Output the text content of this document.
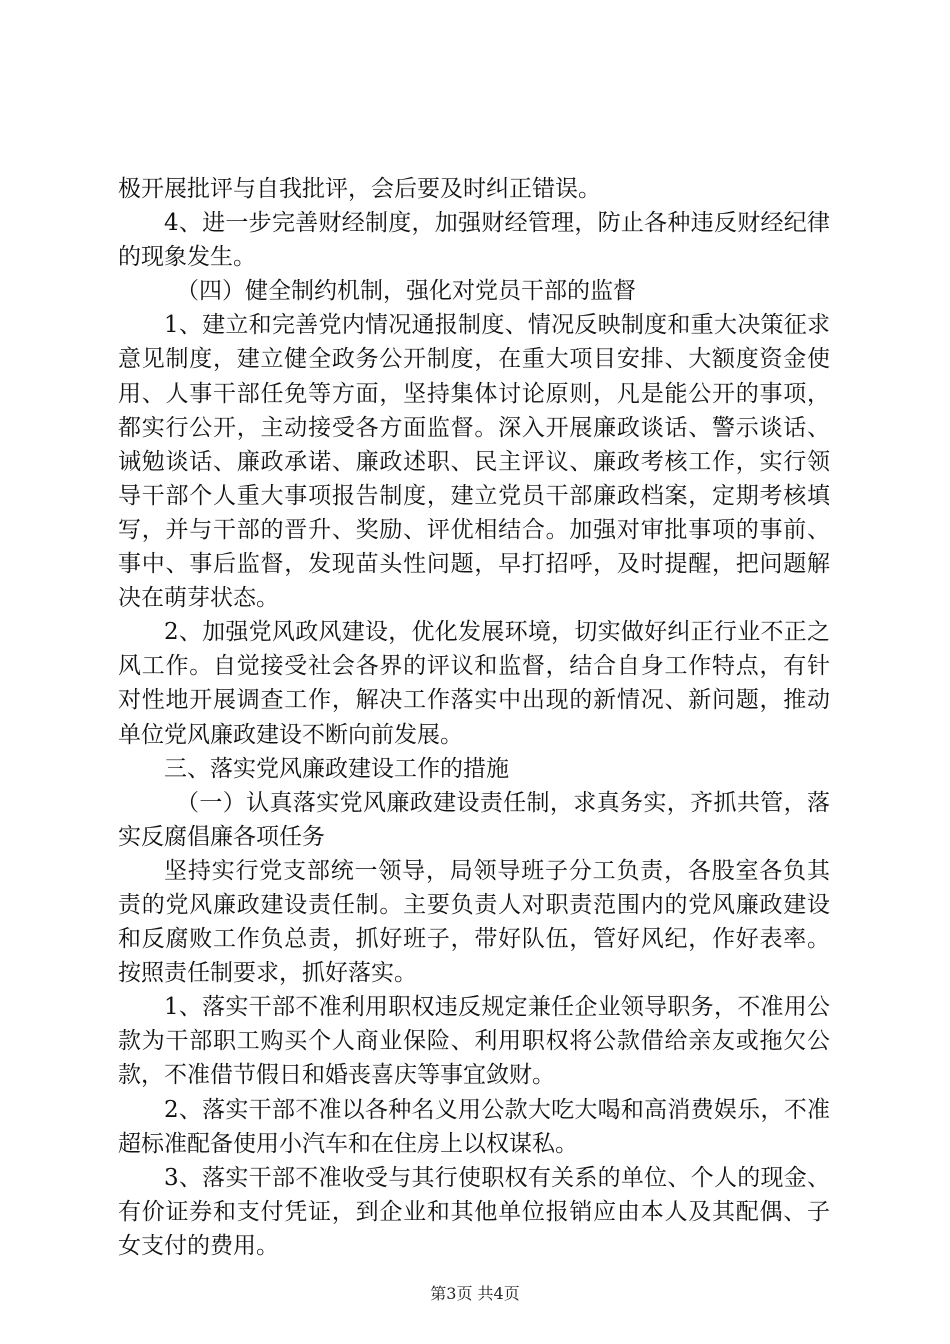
极开展批评与自我批评，会后要及时纠正错误。

4、进一步完善财经制度，加强财经管理，防止各种违反财经纪律的现象发生。

（四）健全制约机制，强化对党员干部的监督

1、建立和完善党内情况通报制度、情况反映制度和重大决策征求意见制度，建立健全政务公开制度，在重大项目安排、大额度资金使用、人事干部任免等方面，坚持集体讨论原则，凡是能公开的事项，都实行公开，主动接受各方面监督。深入开展廉政谈话、警示谈话、诫勉谈话、廉政承诺、廉政述职、民主评议、廉政考核工作，实行领导干部个人重大事项报告制度，建立党员干部廉政档案，定期考核填写，并与干部的晋升、奖励、评优相结合。加强对审批事项的事前、事中、事后监督，发现苗头性问题，早打招呼，及时提醒，把问题解决在萌芽状态。

2、加强党风政风建设，优化发展环境，切实做好纠正行业不正之风工作。自觉接受社会各界的评议和监督，结合自身工作特点，有针对性地开展调查工作，解决工作落实中出现的新情况、新问题，推动单位党风廉政建设不断向前发展。

三、落实党风廉政建设工作的措施

（一）认真落实党风廉政建设责任制，求真务实，齐抓共管，落实反腐倡廉各项任务

坚持实行党支部统一领导，局领导班子分工负责，各股室各负其责的党风廉政建设责任制。主要负责人对职责范围内的党风廉政建设和反腐败工作负总责，抓好班子，带好队伍，管好风纪，作好表率。按照责任制要求，抓好落实。

1、落实干部不准利用职权违反规定兼任企业领导职务，不准用公款为干部职工购买个人商业保险、利用职权将公款借给亲友或拖欠公款，不准借节假日和婚丧喜庆等事宜敛财。

2、落实干部不准以各种名义用公款大吃大喝和高消费娱乐，不准超标准配备使用小汽车和在住房上以权谋私。

3、落实干部不准收受与其行使职权有关系的单位、个人的现金、有价证券和支付凭证，到企业和其他单位报销应由本人及其配偶、子女支付的费用。

第3页 共4页
